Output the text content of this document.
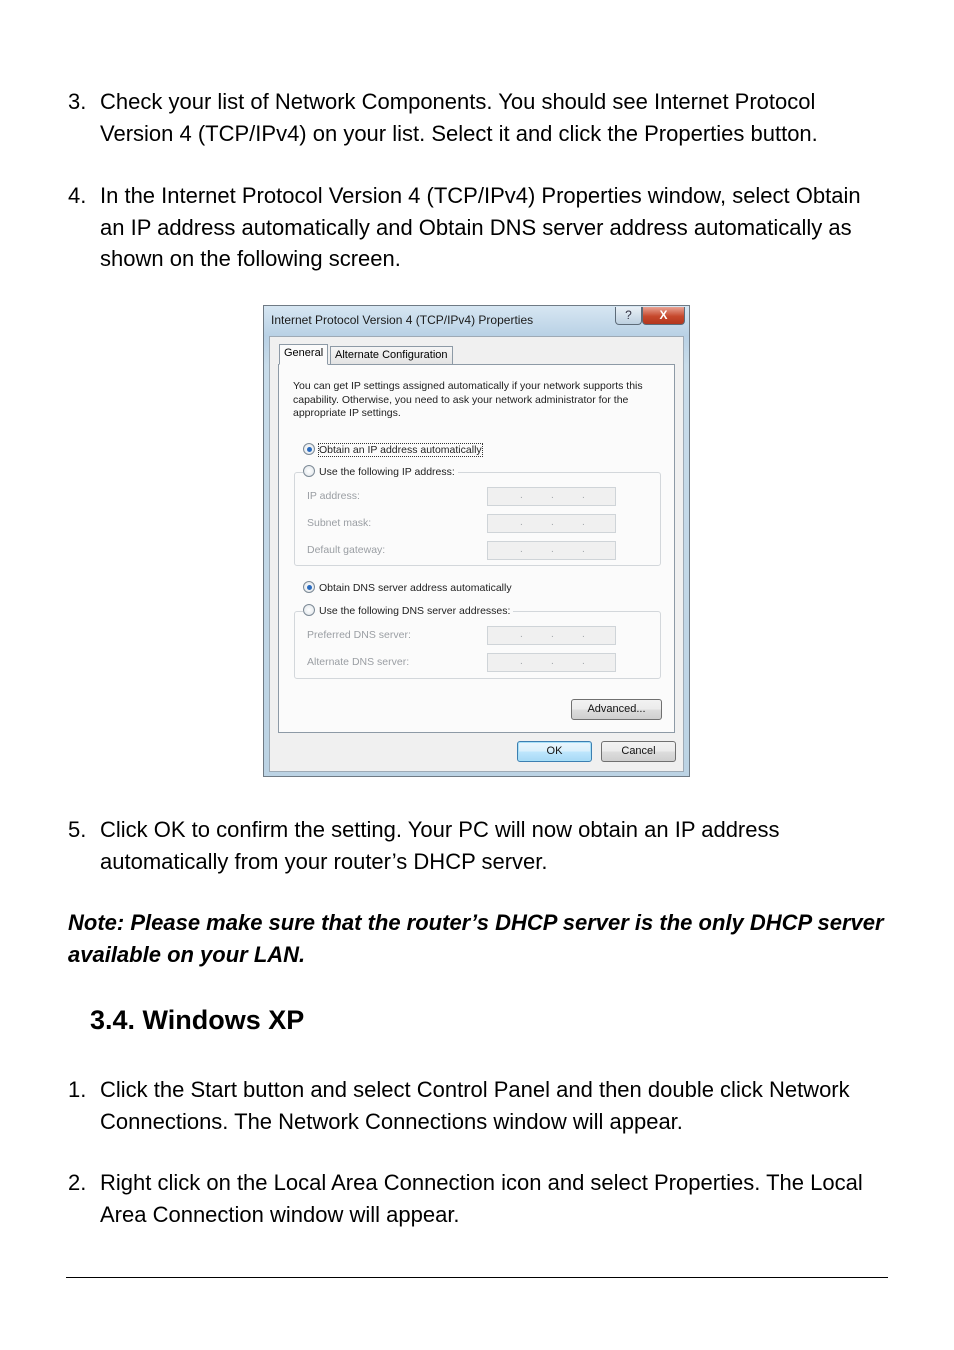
3. Check your list of Network Components. You should see Internet Protocol Version 4 (TCP/IPv4) on your list. Select it and click the Properties button.
4. In the Internet Protocol Version 4 (TCP/IPv4) Properties window, select Obtain an IP address automatically and Obtain DNS server address automatically as shown on the following screen.
Internet Protocol Version 4 (TCP/IPv4) Properties	?	X
General	Alternate Configuration
You can get IP settings assigned automatically if your network supports this capability. Otherwise, you need to ask your network administrator for the appropriate IP settings.
Obtain an IP address automatically
Use the following IP address:
IP address:	.	.	.
Subnet mask:	.	.	.
Default gateway:	.	.	.
Obtain DNS server address automatically
Use the following DNS server addresses:
Preferred DNS server:	.	.	.
Alternate DNS server:	.	.	.
Advanced...
OK	Cancel
5. Click OK to confirm the setting. Your PC will now obtain an IP address automatically from your router’s DHCP server.
Note: Please make sure that the router’s DHCP server is the only DHCP server available on your LAN.
3.4. Windows XP
1. Click the Start button and select Control Panel and then double click Network Connections. The Network Connections window will appear.
2. Right click on the Local Area Connection icon and select Properties. The Local Area Connection window will appear.
